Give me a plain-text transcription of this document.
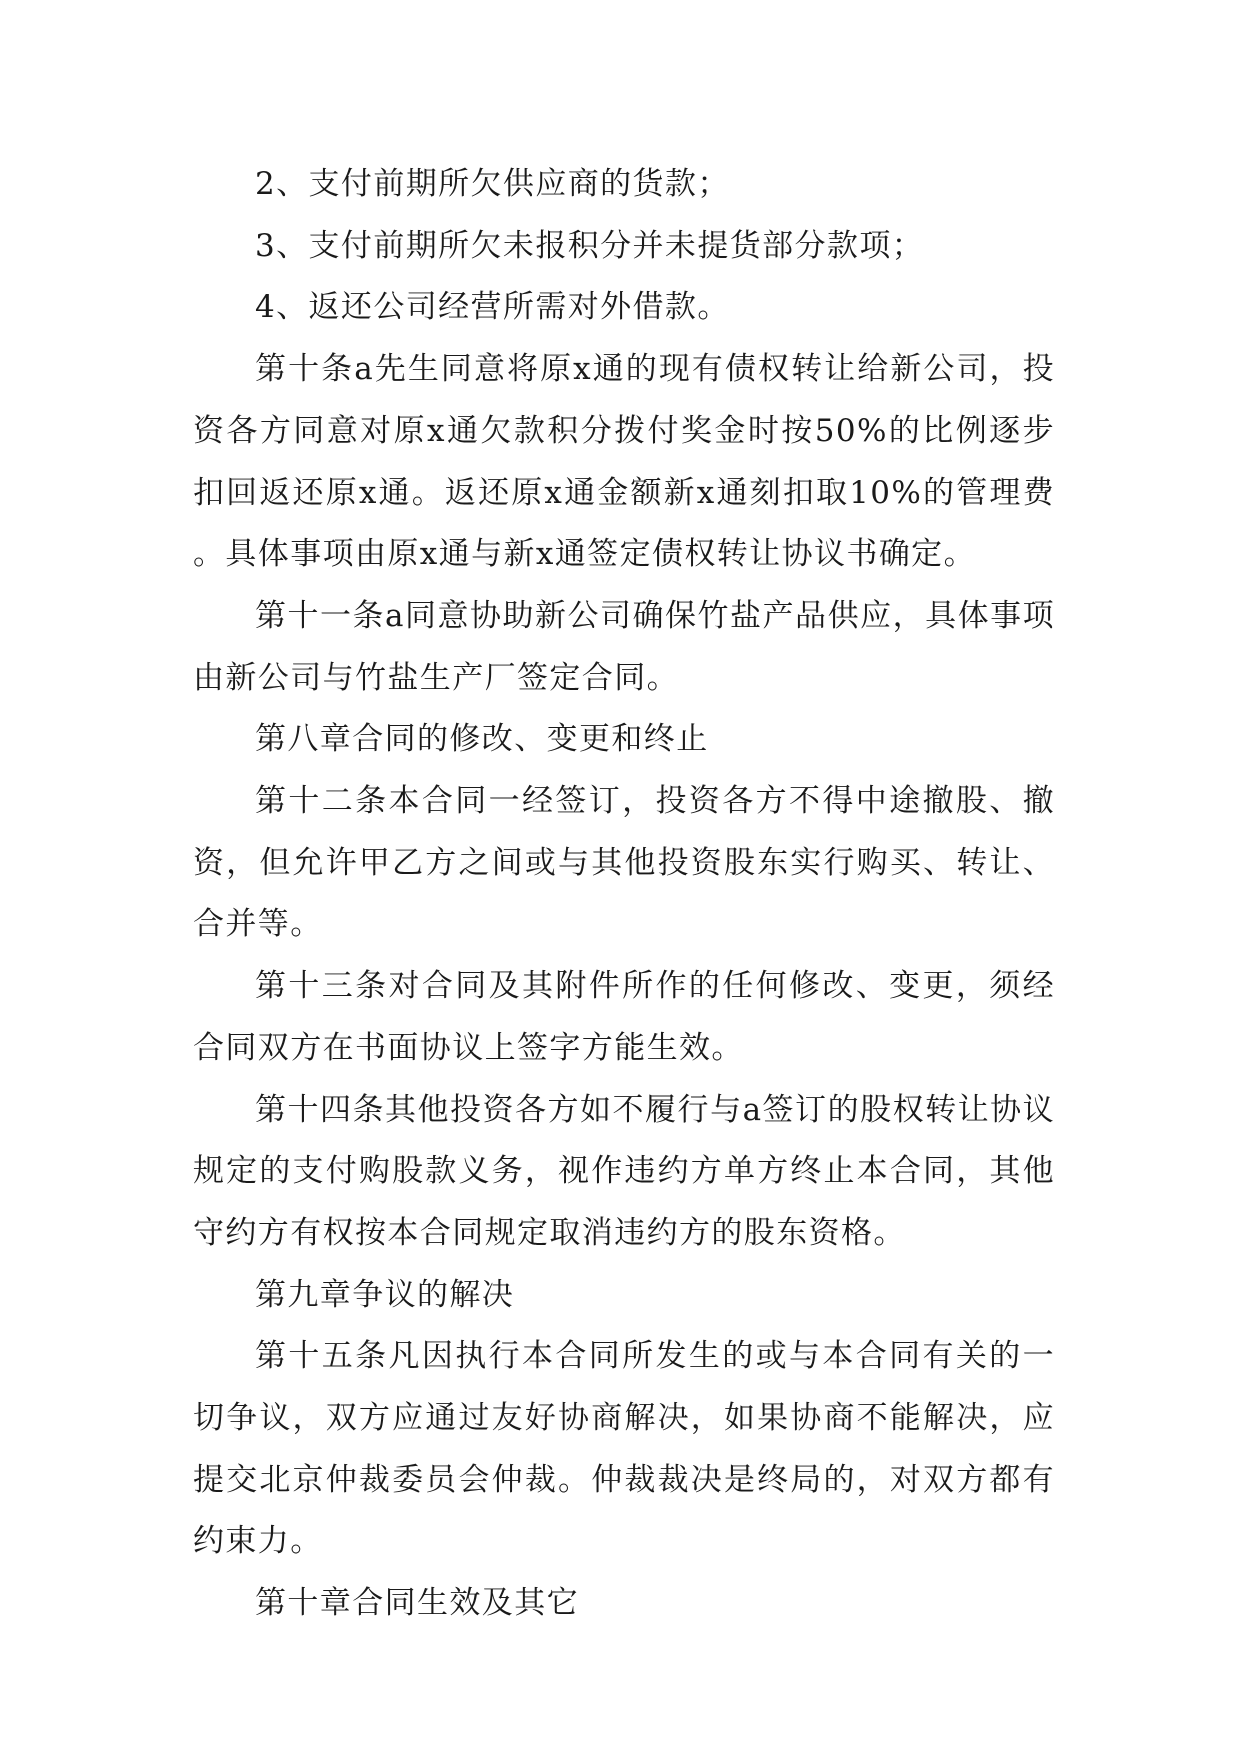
2、支付前期所欠供应商的货款；

3、支付前期所欠未报积分并未提货部分款项；

4、返还公司经营所需对外借款。

第十条a先生同意将原x通的现有债权转让给新公司，投资各方同意对原x通欠款积分拨付奖金时按50%的比例逐步扣回返还原x通。返还原x通金额新x通刻扣取10%的管理费。具体事项由原x通与新x通签定债权转让协议书确定。

第十一条a同意协助新公司确保竹盐产品供应，具体事项由新公司与竹盐生产厂签定合同。

第八章合同的修改、变更和终止

第十二条本合同一经签订，投资各方不得中途撤股、撤资，但允许甲乙方之间或与其他投资股东实行购买、转让、合并等。

第十三条对合同及其附件所作的任何修改、变更，须经合同双方在书面协议上签字方能生效。

第十四条其他投资各方如不履行与a签订的股权转让协议规定的支付购股款义务，视作违约方单方终止本合同，其他守约方有权按本合同规定取消违约方的股东资格。

第九章争议的解决

第十五条凡因执行本合同所发生的或与本合同有关的一切争议，双方应通过友好协商解决，如果协商不能解决，应提交北京仲裁委员会仲裁。仲裁裁决是终局的，对双方都有约束力。

第十章合同生效及其它
